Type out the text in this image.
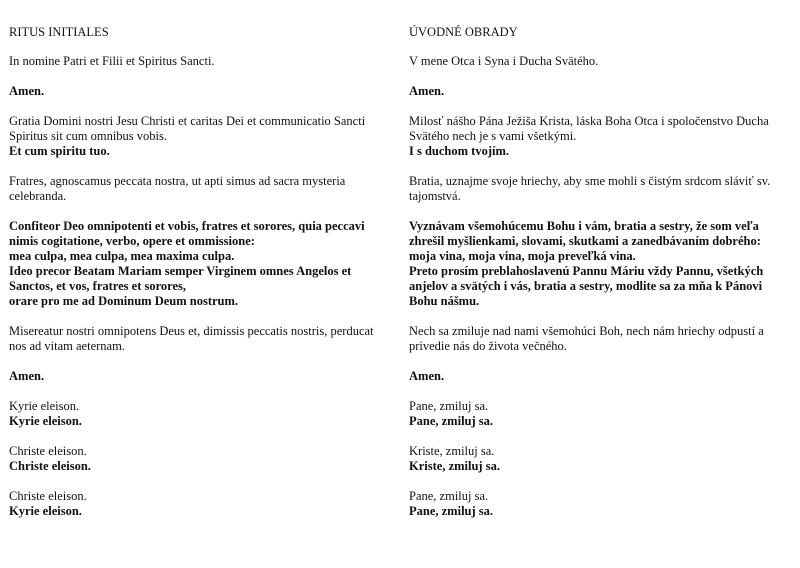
RITUS INITIALES

In nomine Patri et Filii et Spiritus Sancti.

Amen.

Gratia Domini nostri Jesu Christi et caritas Dei et communicatio Sancti Spiritus sit cum omnibus vobis.

Et cum spiritu tuo.

Fratres, agnoscamus peccata nostra, ut apti simus ad sacra mysteria celebranda.

Confiteor Deo omnipotenti et vobis, fratres et sorores, quia peccavi nimis cogitatione, verbo, opere et ommissione:

mea culpa, mea culpa, mea maxima culpa.

Ideo precor Beatam Mariam semper Virginem omnes Angelos et Sanctos, et vos, fratres et sorores,

orare pro me ad Dominum Deum nostrum.

Misereatur nostri omnipotens Deus et, dimissis peccatis nostris, perducat nos ad vitam aeternam.

Amen.

Kyrie eleison.

Kyrie eleison.

Christe eleison.

Christe eleison.

Christe eleison.

Kyrie eleison.

ÚVODNÉ OBRADY

V mene Otca i Syna i Ducha Svätého.

Amen.

Milosť nášho Pána Ježiša Krista, láska Boha Otca i spoločenstvo Ducha Svätého nech je s vami všetkými.

I s duchom tvojím.

Bratia, uznajme svoje hriechy, aby sme mohli s čistým srdcom sláviť sv. tajomstvá.

Vyznávam všemohúcemu Bohu i vám, bratia a sestry, že som veľa zhrešil myšlienkami, slovami, skutkami a zanedbávaním dobrého:

moja vina, moja vina, moja preveľká vina.

Preto prosím preblahoslavenú Pannu Máriu vždy Pannu, všetkých anjelov a svätých i vás, bratia a sestry, modlite sa za mňa k Pánovi Bohu nášmu.

Nech sa zmiluje nad nami všemohúci Boh, nech nám hriechy odpustí a privedie nás do života večného.

Amen.

Pane, zmiluj sa.

Pane, zmiluj sa.

Kriste, zmiluj sa.

Kriste, zmiluj sa.

Pane, zmiluj sa.

Pane, zmiluj sa.
